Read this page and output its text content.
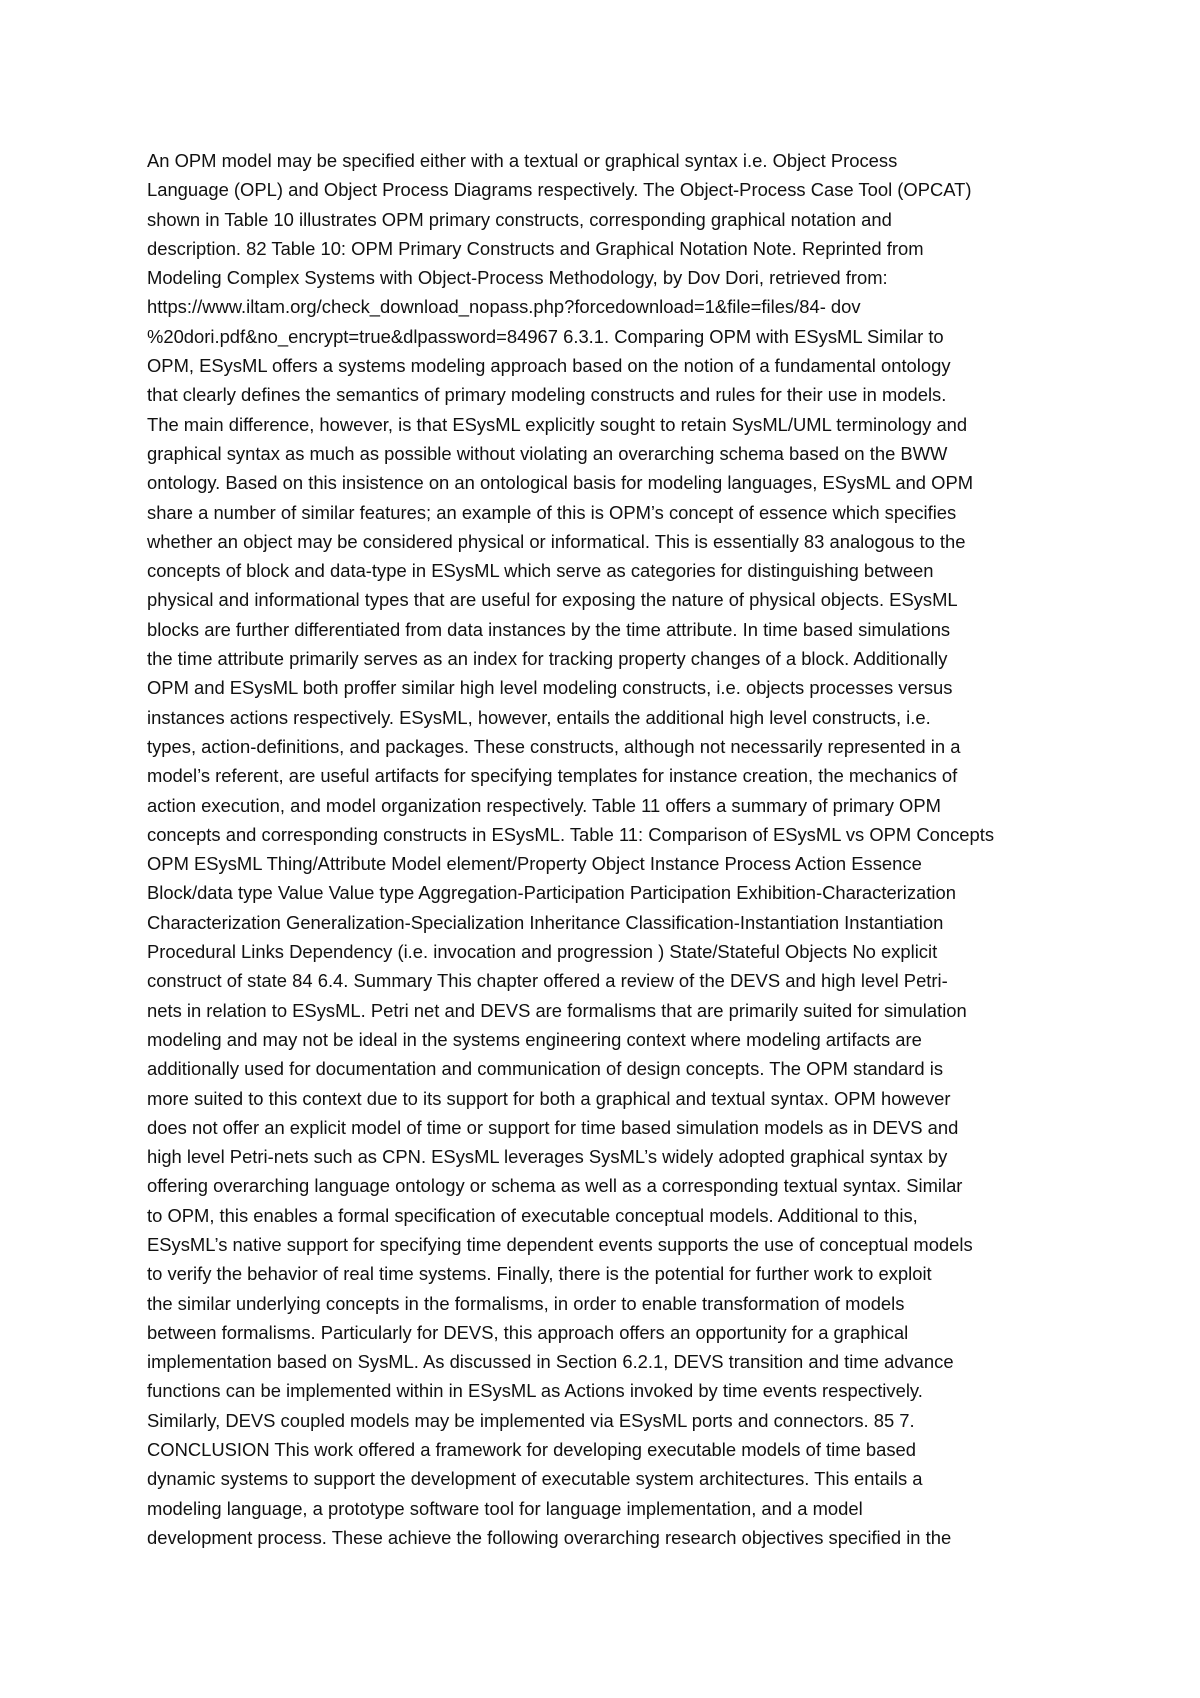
An OPM model may be specified either with a textual or graphical syntax i.e. Object Process
Language (OPL) and Object Process Diagrams respectively. The Object-Process Case Tool (OPCAT)
shown in Table 10 illustrates OPM primary constructs, corresponding graphical notation and
description. 82 Table 10: OPM Primary Constructs and Graphical Notation Note. Reprinted from
Modeling Complex Systems with Object-Process Methodology, by Dov Dori, retrieved from:
https://www.iltam.org/check_download_nopass.php?forcedownload=1&file=files/84- dov
%20dori.pdf&no_encrypt=true&dlpassword=84967 6.3.1. Comparing OPM with ESysML Similar to
OPM, ESysML offers a systems modeling approach based on the notion of a fundamental ontology
that clearly defines the semantics of primary modeling constructs and rules for their use in models.
The main difference, however, is that ESysML explicitly sought to retain SysML/UML terminology and
graphical syntax as much as possible without violating an overarching schema based on the BWW
ontology. Based on this insistence on an ontological basis for modeling languages, ESysML and OPM
share a number of similar features; an example of this is OPM’s concept of essence which specifies
whether an object may be considered physical or informatical. This is essentially 83 analogous to the
concepts of block and data-type in ESysML which serve as categories for distinguishing between
physical and informational types that are useful for exposing the nature of physical objects. ESysML
blocks are further differentiated from data instances by the time attribute. In time based simulations
the time attribute primarily serves as an index for tracking property changes of a block. Additionally
OPM and ESysML both proffer similar high level modeling constructs, i.e. objects processes versus
instances actions respectively. ESysML, however, entails the additional high level constructs, i.e.
types, action-definitions, and packages. These constructs, although not necessarily represented in a
model’s referent, are useful artifacts for specifying templates for instance creation, the mechanics of
action execution, and model organization respectively. Table 11 offers a summary of primary OPM
concepts and corresponding constructs in ESysML. Table 11: Comparison of ESysML vs OPM Concepts
OPM ESysML Thing/Attribute Model element/Property Object Instance Process Action Essence
Block/data type Value Value type Aggregation-Participation Participation Exhibition-Characterization
Characterization Generalization-Specialization Inheritance Classification-Instantiation Instantiation
Procedural Links Dependency (i.e. invocation and progression ) State/Stateful Objects No explicit
construct of state 84 6.4. Summary This chapter offered a review of the DEVS and high level Petri-
nets in relation to ESysML. Petri net and DEVS are formalisms that are primarily suited for simulation
modeling and may not be ideal in the systems engineering context where modeling artifacts are
additionally used for documentation and communication of design concepts. The OPM standard is
more suited to this context due to its support for both a graphical and textual syntax. OPM however
does not offer an explicit model of time or support for time based simulation models as in DEVS and
high level Petri-nets such as CPN. ESysML leverages SysML’s widely adopted graphical syntax by
offering overarching language ontology or schema as well as a corresponding textual syntax. Similar
to OPM, this enables a formal specification of executable conceptual models. Additional to this,
ESysML’s native support for specifying time dependent events supports the use of conceptual models
to verify the behavior of real time systems. Finally, there is the potential for further work to exploit
the similar underlying concepts in the formalisms, in order to enable transformation of models
between formalisms. Particularly for DEVS, this approach offers an opportunity for a graphical
implementation based on SysML. As discussed in Section 6.2.1, DEVS transition and time advance
functions can be implemented within in ESysML as Actions invoked by time events respectively.
Similarly, DEVS coupled models may be implemented via ESysML ports and connectors. 85 7.
CONCLUSION This work offered a framework for developing executable models of time based
dynamic systems to support the development of executable system architectures. This entails a
modeling language, a prototype software tool for language implementation, and a model
development process. These achieve the following overarching research objectives specified in the
